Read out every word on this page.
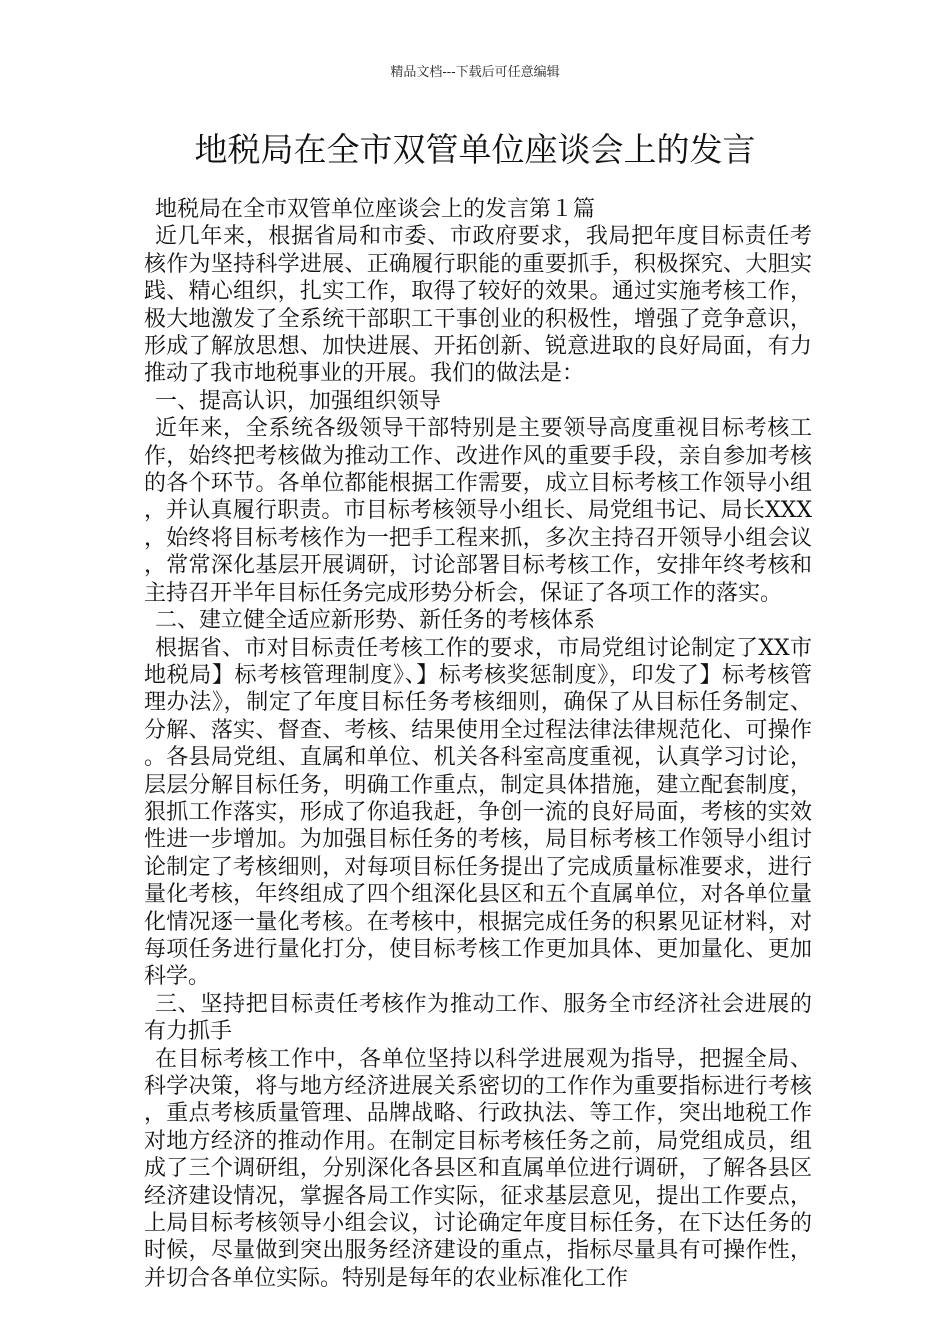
精品文档---下载后可任意编辑
地税局在全市双管单位座谈会上的发言

地税局在全市双管单位座谈会上的发言第１篇

近几年来，根据省局和市委、市政府要求，我局把年度目标责任考核作为坚持科学进展、正确履行职能的重要抓手，积极探究、大胆实践、精心组织，扎实工作，取得了较好的效果。通过实施考核工作，极大地激发了全系统干部职工干事创业的积极性，增强了竞争意识，形成了解放思想、加快进展、开拓创新、锐意进取的良好局面，有力推动了我市地税事业的开展。我们的做法是：

一、提高认识，加强组织领导

近年来，全系统各级领导干部特别是主要领导高度重视目标考核工作，始终把考核做为推动工作、改进作风的重要手段，亲自参加考核的各个环节。各单位都能根据工作需要，成立目标考核工作领导小组，并认真履行职责。市目标考核领导小组长、局党组书记、局长XXX，始终将目标考核作为一把手工程来抓，多次主持召开领导小组会议，常常深化基层开展调研，讨论部署目标考核工作，安排年终考核和主持召开半年目标任务完成形势分析会，保证了各项工作的落实。

二、建立健全适应新形势、新任务的考核体系

根据省、市对目标责任考核工作的要求，市局党组讨论制定了XX市地税局】标考核管理制度》、】标考核奖惩制度》，印发了】标考核管理办法》，制定了年度目标任务考核细则，确保了从目标任务制定、分解、落实、督查、考核、结果使用全过程法律法律规范化、可操作。各县局党组、直属和单位、机关各科室高度重视，认真学习讨论，层层分解目标任务，明确工作重点，制定具体措施，建立配套制度，狠抓工作落实，形成了你追我赶，争创一流的良好局面，考核的实效性进一步增加。为加强目标任务的考核，局目标考核工作领导小组讨论制定了考核细则，对每项目标任务提出了完成质量标准要求，进行量化考核，年终组成了四个组深化县区和五个直属单位，对各单位量化情况逐一量化考核。在考核中，根据完成任务的积累见证材料，对每项任务进行量化打分，使目标考核工作更加具体、更加量化、更加科学。

三、坚持把目标责任考核作为推动工作、服务全市经济社会进展的有力抓手

在目标考核工作中，各单位坚持以科学进展观为指导，把握全局、科学决策，将与地方经济进展关系密切的工作作为重要指标进行考核，重点考核质量管理、品牌战略、行政执法、等工作，突出地税工作对地方经济的推动作用。在制定目标考核任务之前，局党组成员，组成了三个调研组，分别深化各县区和直属单位进行调研，了解各县区经济建设情况，掌握各局工作实际，征求基层意见，提出工作要点，上局目标考核领导小组会议，讨论确定年度目标任务，在下达任务的时候，尽量做到突出服务经济建设的重点，指标尽量具有可操作性，并切合各单位实际。特别是每年的农业标准化工作
